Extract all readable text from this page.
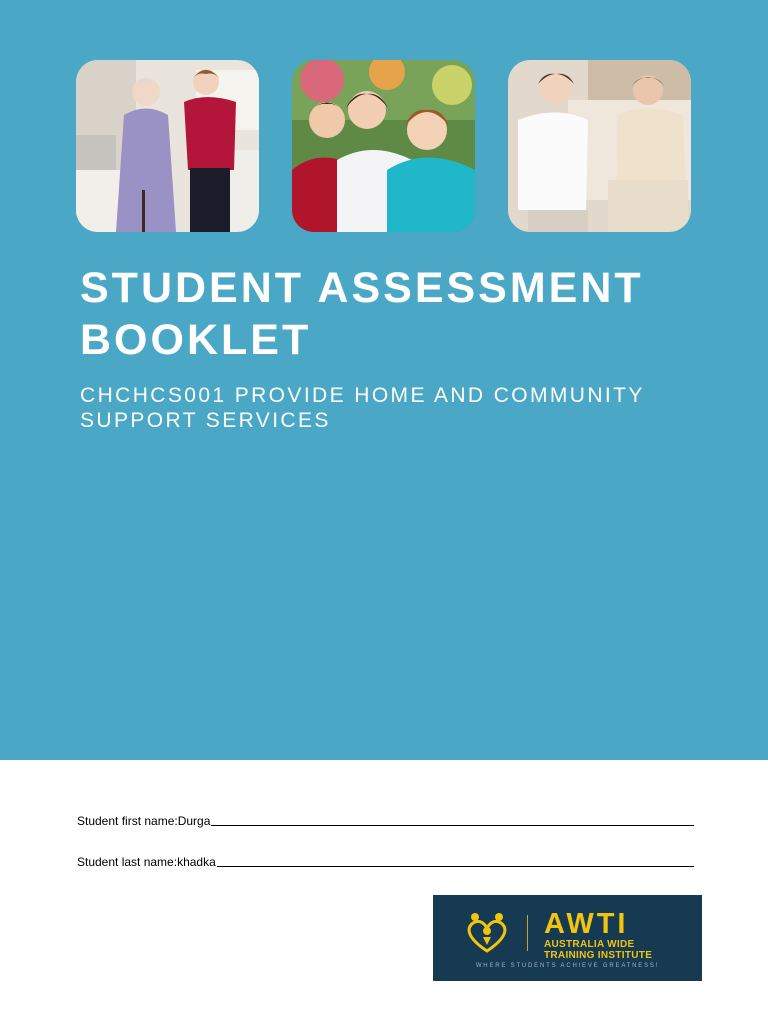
STUDENT ASSESSMENT BOOKLET
CHCHCS001 PROVIDE HOME AND COMMUNITY SUPPORT SERVICES
Student first name: Durga
Student last name: khadka
AWTI
AUSTRALIA WIDE TRAINING INSTITUTE
WHERE STUDENTS ACHIEVE GREATNESS!
